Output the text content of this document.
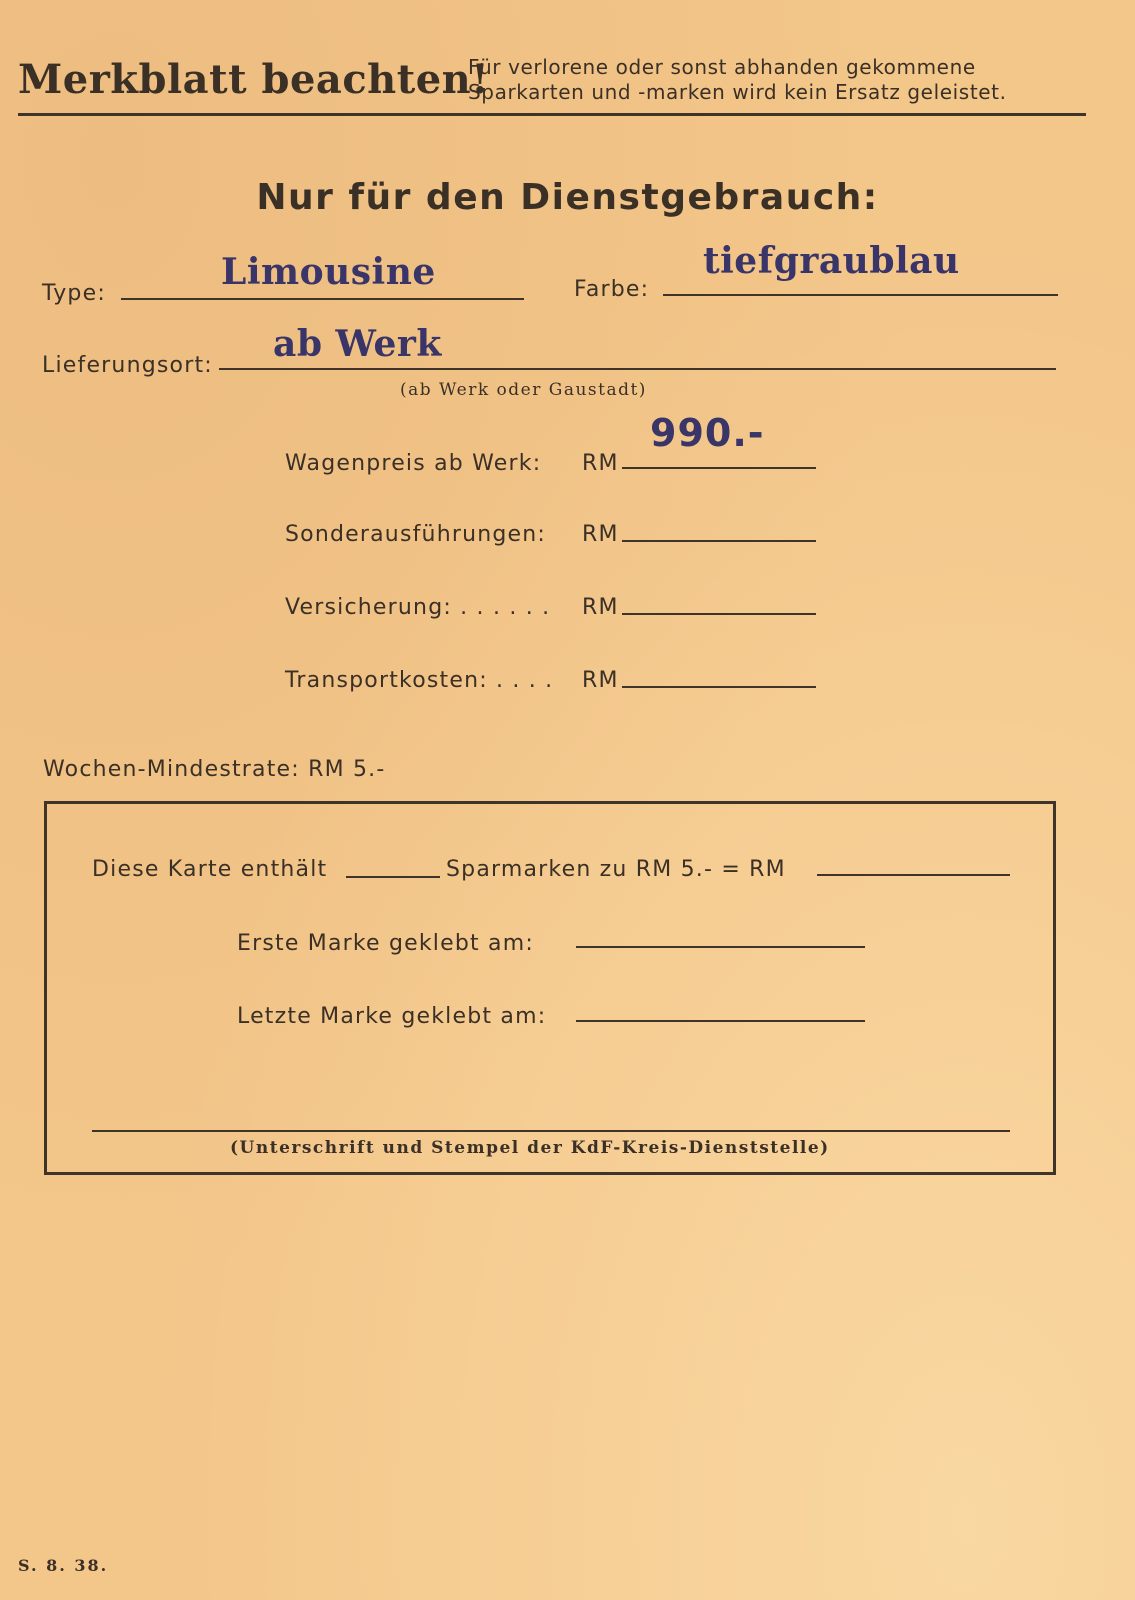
Merkblatt beachten!
Für verlorene oder sonst abhanden gekommene
Sparkarten und -marken wird kein Ersatz geleistet.
Nur für den Dienstgebrauch:
Type:
Limousine	Farbe:
tiefgraublau
Lieferungsort:
ab Werk
(ab Werk oder Gaustadt)
Wagenpreis ab Werk: RM
990.-
Sonderausführungen: RM
Versicherung: . . . . . . RM
Transportkosten: . . . . RM
Wochen-Mindestrate: RM 5.-
Diese Karte enthält	Sparmarken zu RM 5.- = RM
Erste Marke geklebt am:
Letzte Marke geklebt am:
(Unterschrift und Stempel der KdF-Kreis-Dienststelle)
S. 8. 38.
